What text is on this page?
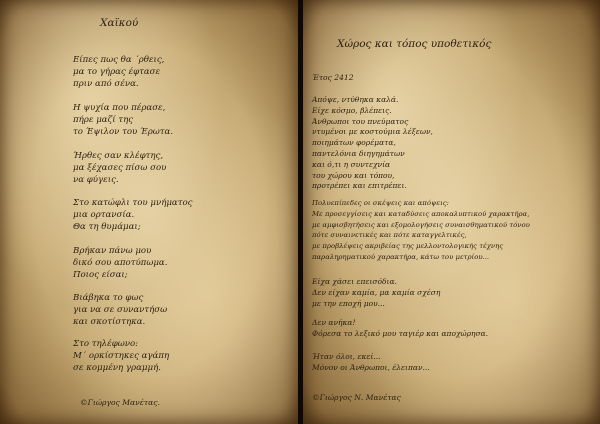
Χαϊκού

Είπες πως θα ΄ρθεις,
μα το γήρας έφτασε
πριν από σένα.
Η ψυχία που πέρασε,
πήρε μαζί της
το Έψιλον του Έρωτα.
Ήρθες σαν κλέφτης,
μα ξέχασες πίσω σου
να φύγεις.
Στο κατώφλι του μνήματος
μια ορτανσία.
Θα τη θυμάμαι;
Βρήκαν πάνω μου
δικό σου αποτύπωμα.
Ποιος είσαι;
Βιάβηκα το φως
για να σε συναντήσω
και σκοτίστηκα.
Στο τηλέφωνο:
Μ΄ ορκίστηκες αγάπη
σε κομμένη γραμμή.

©Γιώργος Μανέτας.

Χώρος και τόπος υποθετικός

Έτος 2412

Απόψε, ντύθηκα καλά.
Είχε κόσμο, βλέπεις.
Άνθρωποι του πνεύματος
ντυμένοι με κοστούμια λέξεων,
ποιημάτων φορέματα,
παντελόνια διηγημάτων
και ό,τι η συντεχνία
του χώρου και τόπου,
προτρέπει και επιτρέπει.
Πολυεπίπεδες οι σκέψεις και απόψεις:
Με προσεγγίσεις και καταδύσεις αποκαλυπτικού χαρακτήρα,
με αμφισβητήσεις και εξομολογήσεις συναισθηματικού τόνου
πότε συναινετικές και πότε καταγγελτικές,
με προβλέψεις ακριβείας της μελλοντολογικής τέχνης
παραληρηματικού χαρακτήρα, κάτω του μετρίου...
Είχα χάσει επεισόδια.
Δεν είχαν καμία, μα καμία σχέση
με την εποχή μου...
Δεν ανήκα!
Φόρεσα το λεξικό μου ταγιέρ και αποχώρησα.
Ήταν όλοι, εκεί...
Μόνον οι Άνθρωποι, έλειπαν...

©Γιώργος Ν. Μανέτας
